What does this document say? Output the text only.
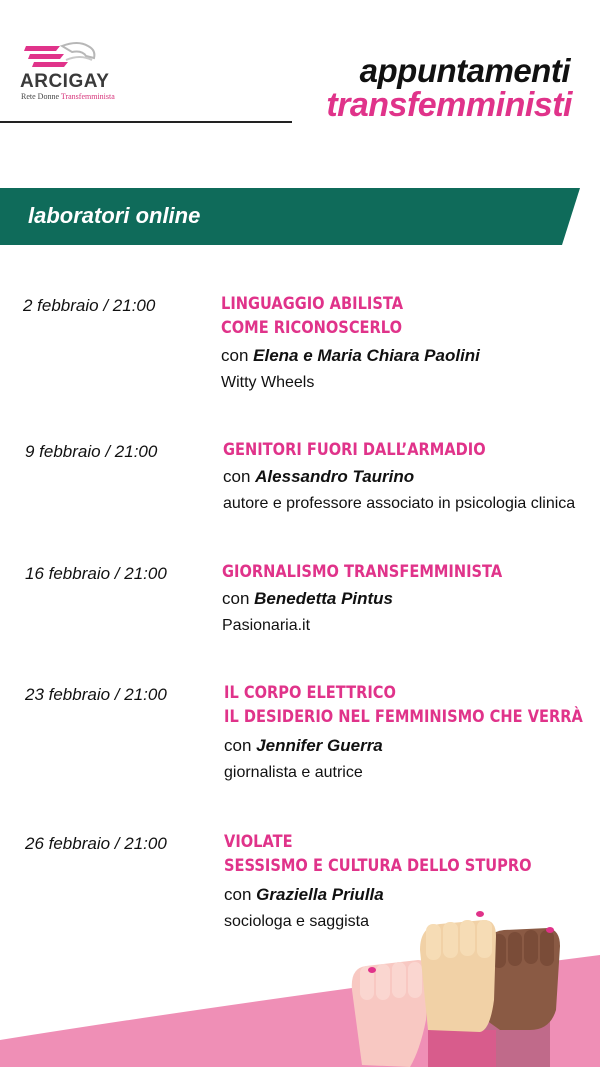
ARCIGAY
Rete Donne Transfemminista
appuntamenti
transfemministi
laboratori online
2 febbraio / 21:00	LINGUAGGIO ABILISTA
COME RICONOSCERLO
con Elena e Maria Chiara Paolini
Witty Wheels
9 febbraio / 21:00	GENITORI FUORI DALL’ARMADIO
con Alessandro Taurino
autore e professore associato in psicologia clinica
16 febbraio / 21:00	GIORNALISMO TRANSFEMMINISTA
con Benedetta Pintus
Pasionaria.it
23 febbraio / 21:00	IL CORPO ELETTRICO
IL DESIDERIO NEL FEMMINISMO CHE VERRÀ
con Jennifer Guerra
giornalista e autrice
26 febbraio / 21:00	VIOLATE
SESSISMO E CULTURA DELLO STUPRO
con Graziella Priulla
sociologa e saggista
